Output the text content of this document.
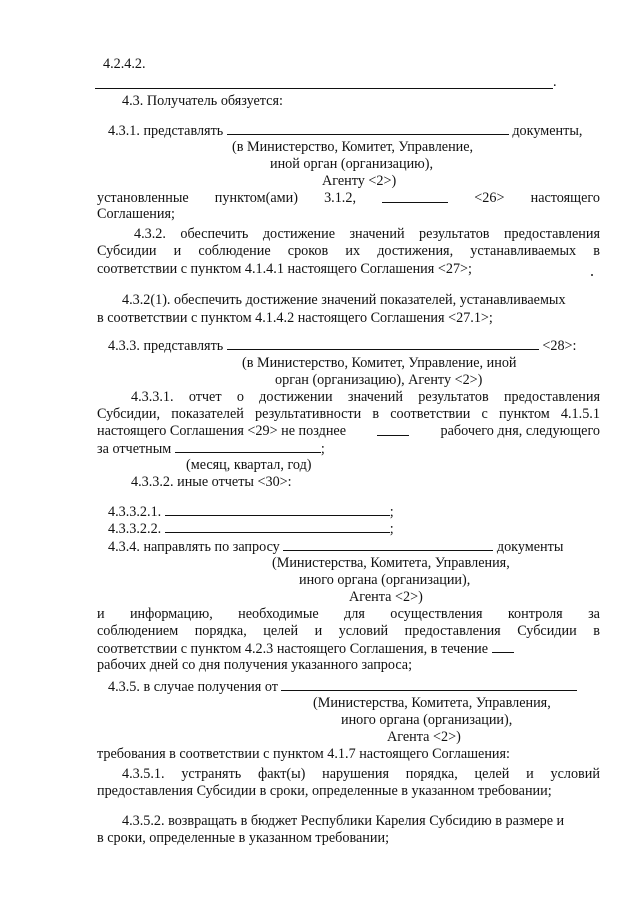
4.2.4.2.
.
4.3. Получатель обязуется:
4.3.1. представлять	документы,
(в Министерство, Комитет, Управление,
иной орган (организацию),
Агенту <2>)
установленные пунктом(ами) 3.1.2,	<26> настоящего
Соглашения;
4.3.2. обеспечить достижение значений результатов предоставления
Субсидии и соблюдение сроков их достижения, устанавливаемых в
соответствии с пунктом 4.1.4.1 настоящего Соглашения <27>;
4.3.2(1). обеспечить достижение значений показателей, устанавливаемых
в соответствии с пунктом 4.1.4.2 настоящего Соглашения <27.1>;
4.3.3. представлять	<28>:
(в Министерство, Комитет, Управление, иной
орган (организацию), Агенту <2>)
4.3.3.1. отчет о достижении значений результатов предоставления
Субсидии, показателей результативности в соответствии с пунктом 4.1.5.1
настоящего Соглашения <29> не позднее	рабочего дня, следующего
за отчетным	;
(месяц, квартал, год)
4.3.3.2. иные отчеты <30>:
4.3.3.2.1.	;
4.3.3.2.2.	;
4.3.4. направлять по запросу	документы
(Министерства, Комитета, Управления,
иного органа (организации),
Агента <2>)
и информацию, необходимые для осуществления контроля за
соблюдением порядка, целей и условий предоставления Субсидии в
соответствии с пунктом 4.2.3 настоящего Соглашения, в течение
рабочих дней со дня получения указанного запроса;
4.3.5. в случае получения от
(Министерства, Комитета, Управления,
иного органа (организации),
Агента <2>)
требования в соответствии с пунктом 4.1.7 настоящего Соглашения:
4.3.5.1. устранять факт(ы) нарушения порядка, целей и условий
предоставления Субсидии в сроки, определенные в указанном требовании;
4.3.5.2. возвращать в бюджет Республики Карелия Субсидию в размере и
в сроки, определенные в указанном требовании;
